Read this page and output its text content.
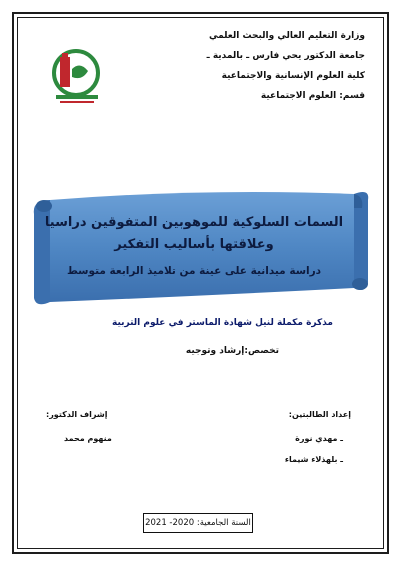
وزارة التعليم العالي والبحث العلمي
جامعة الدكتور يحي فارس ـ بالمدية ـ
كلية العلوم الإنسانية والاجتماعية
قسم: العلوم الاجتماعية
السمات السلوكية للموهوبين المتفوقين دراسيا
وعلاقتها بأساليب التفكير
دراسة ميدانية على عينة من تلاميذ الرابعة متوسط
مذكرة مكملة لنيل شهادة الماستر في علوم التربية
تخصص:إرشاد وتوجيه
إعداد الطالبتين:
ـ مهدي نورة
ـ بلهذلاء شيماء
إشراف الدكتور:
منهوم محمد
السنة الجامعية: 2020- 2021
